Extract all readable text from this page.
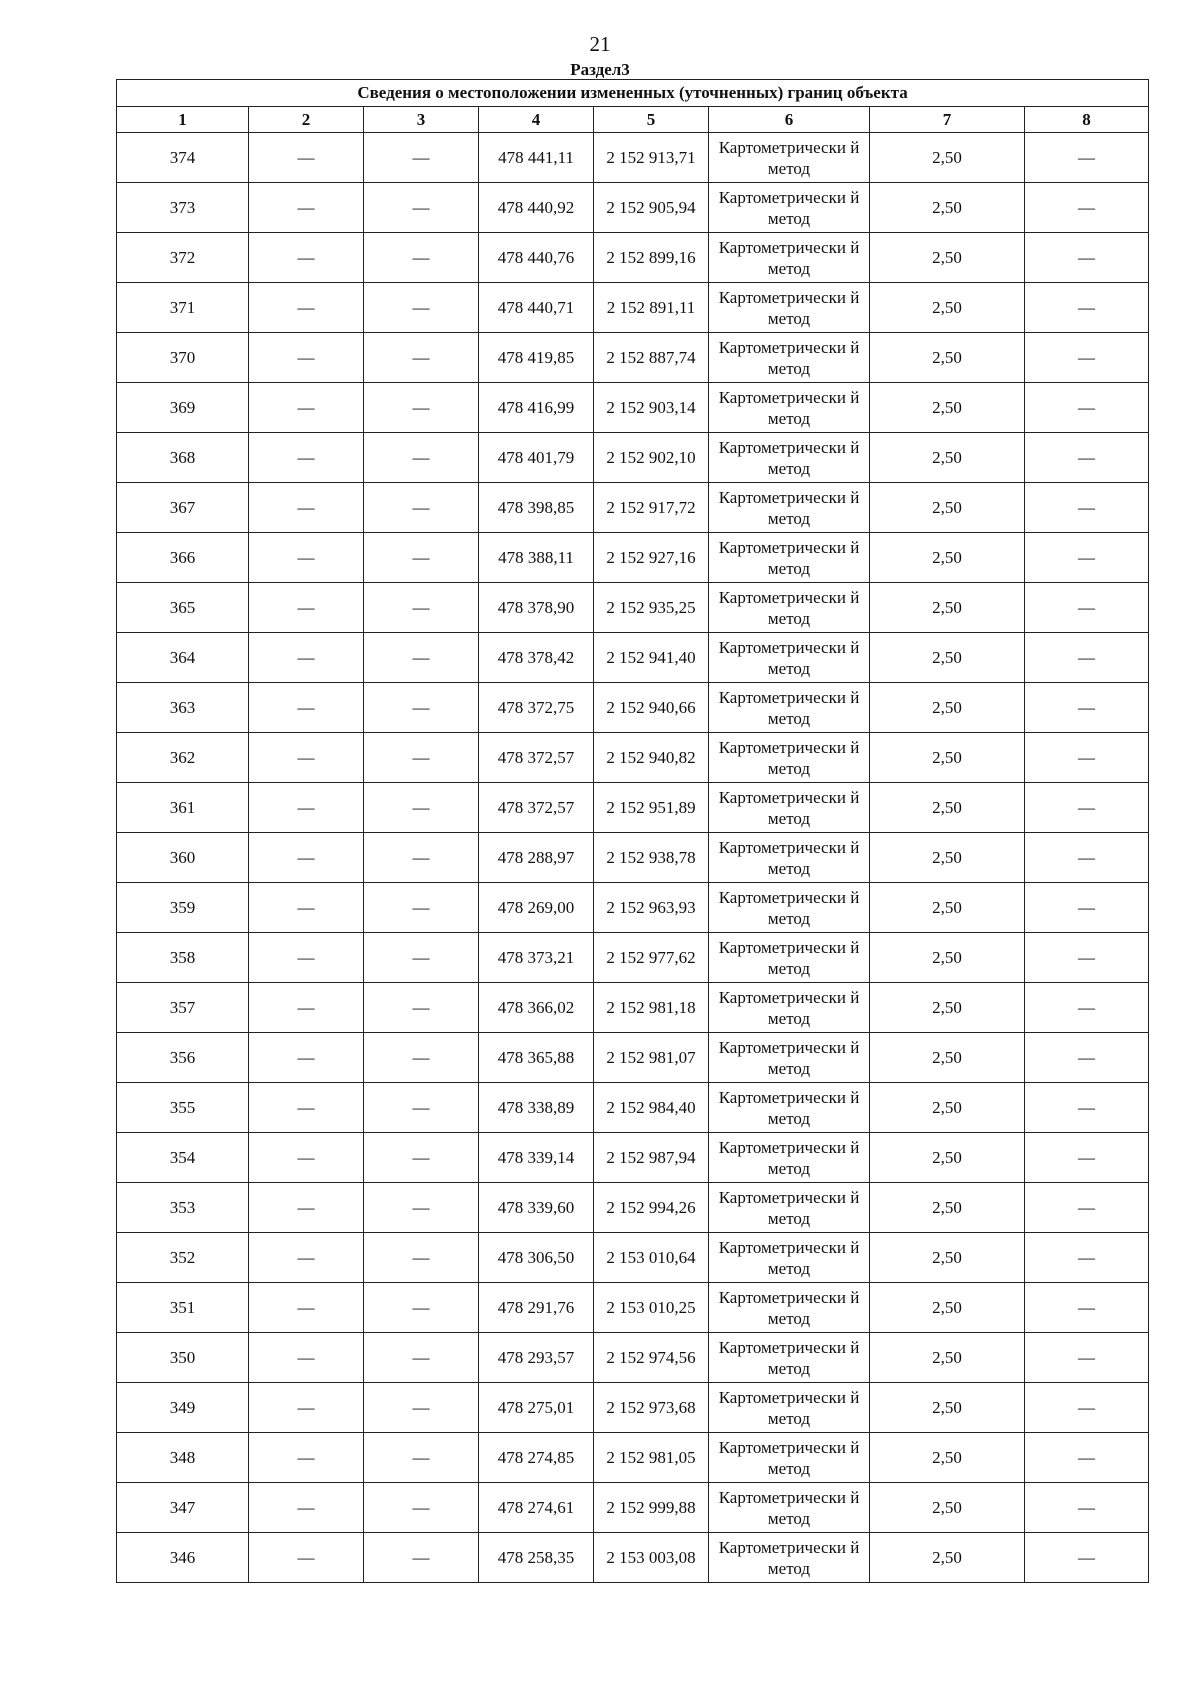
21
Раздел3
Сведения о местоположении измененных (уточненных) границ объекта							
1	2	3	4	5	6	7	8
374	—	—	478 441,11	2 152 913,71	Картометрически й метод	2,50	—
373	—	—	478 440,92	2 152 905,94	Картометрически й метод	2,50	—
372	—	—	478 440,76	2 152 899,16	Картометрически й метод	2,50	—
371	—	—	478 440,71	2 152 891,11	Картометрически й метод	2,50	—
370	—	—	478 419,85	2 152 887,74	Картометрически й метод	2,50	—
369	—	—	478 416,99	2 152 903,14	Картометрически й метод	2,50	—
368	—	—	478 401,79	2 152 902,10	Картометрически й метод	2,50	—
367	—	—	478 398,85	2 152 917,72	Картометрически й метод	2,50	—
366	—	—	478 388,11	2 152 927,16	Картометрически й метод	2,50	—
365	—	—	478 378,90	2 152 935,25	Картометрически й метод	2,50	—
364	—	—	478 378,42	2 152 941,40	Картометрически й метод	2,50	—
363	—	—	478 372,75	2 152 940,66	Картометрически й метод	2,50	—
362	—	—	478 372,57	2 152 940,82	Картометрически й метод	2,50	—
361	—	—	478 372,57	2 152 951,89	Картометрически й метод	2,50	—
360	—	—	478 288,97	2 152 938,78	Картометрически й метод	2,50	—
359	—	—	478 269,00	2 152 963,93	Картометрически й метод	2,50	—
358	—	—	478 373,21	2 152 977,62	Картометрически й метод	2,50	—
357	—	—	478 366,02	2 152 981,18	Картометрически й метод	2,50	—
356	—	—	478 365,88	2 152 981,07	Картометрически й метод	2,50	—
355	—	—	478 338,89	2 152 984,40	Картометрически й метод	2,50	—
354	—	—	478 339,14	2 152 987,94	Картометрически й метод	2,50	—
353	—	—	478 339,60	2 152 994,26	Картометрически й метод	2,50	—
352	—	—	478 306,50	2 153 010,64	Картометрически й метод	2,50	—
351	—	—	478 291,76	2 153 010,25	Картометрически й метод	2,50	—
350	—	—	478 293,57	2 152 974,56	Картометрически й метод	2,50	—
349	—	—	478 275,01	2 152 973,68	Картометрически й метод	2,50	—
348	—	—	478 274,85	2 152 981,05	Картометрически й метод	2,50	—
347	—	—	478 274,61	2 152 999,88	Картометрически й метод	2,50	—
346	—	—	478 258,35	2 153 003,08	Картометрически й метод	2,50	—
